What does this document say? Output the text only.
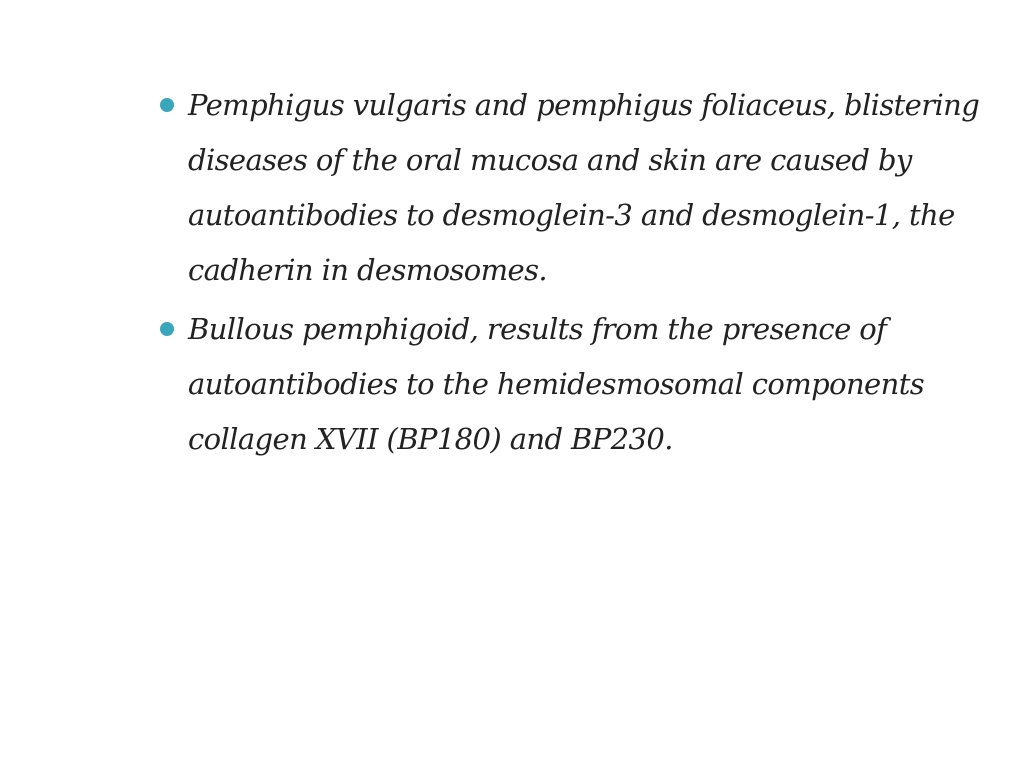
Pemphigus vulgaris and pemphigus foliaceus, blistering diseases of the oral mucosa and skin are caused by autoantibodies to desmoglein-3 and desmoglein-1, the cadherin in desmosomes.
Bullous pemphigoid, results from the presence of autoantibodies to the hemidesmosomal components collagen XVII (BP180) and BP230.
